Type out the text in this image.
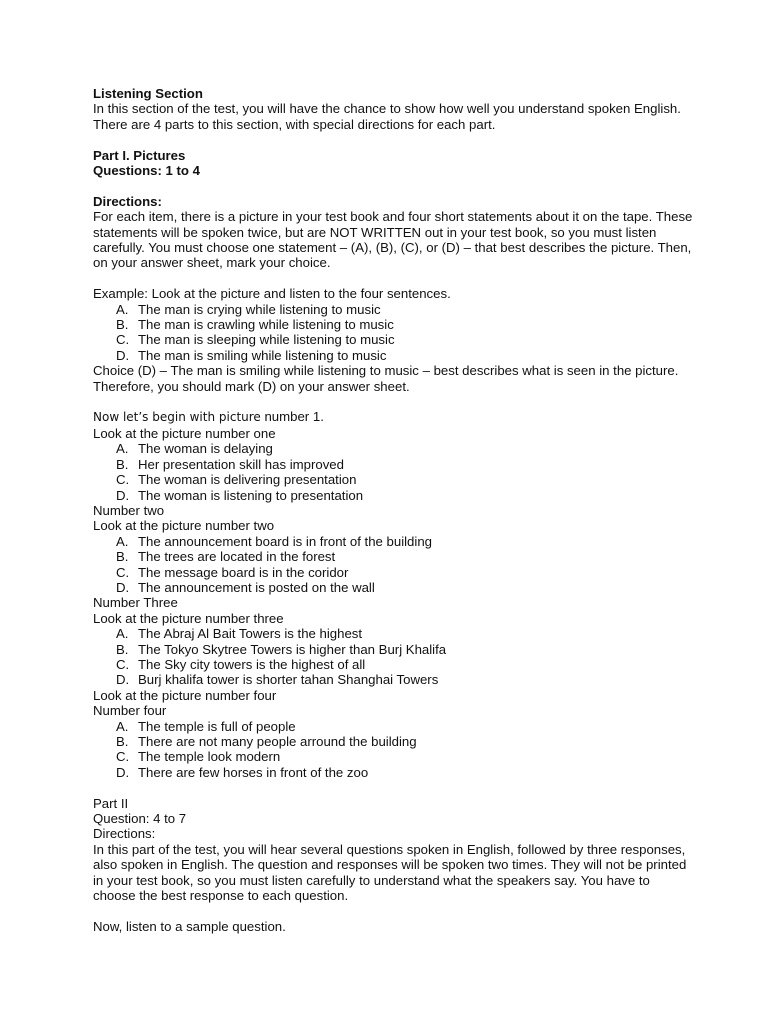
Listening Section

In this section of the test, you will have the chance to show how well you understand spoken English. There are 4 parts to this section, with special directions for each part.

Part I. Pictures

Questions: 1 to 4

Directions:

For each item, there is a picture in your test book and four short statements about it on the tape. These statements will be spoken twice, but are NOT WRITTEN out in your test book, so you must listen carefully. You must choose one statement – (A), (B), (C), or (D) – that best describes the picture. Then, on your answer sheet, mark your choice.

Example: Look at the picture and listen to the four sentences.

A. The man is crying while listening to music
B. The man is crawling while listening to music
C. The man is sleeping while listening to music
D. The man is smiling while listening to music

Choice (D) – The man is smiling while listening to music – best describes what is seen in the picture. Therefore, you should mark (D) on your answer sheet.

Now let’s begin with picture number 1.

Look at the picture number one

A. The woman is delaying
B. Her presentation skill has improved
C. The woman is delivering presentation
D. The woman is listening to presentation

Number two

Look at the picture number two

A. The announcement board is in front of the building
B. The trees are located in the forest
C. The message board is in the coridor
D. The announcement is posted on the wall

Number Three

Look at the picture number three

A. The Abraj Al Bait Towers is the highest
B. The Tokyo Skytree Towers is higher than Burj Khalifa
C. The Sky city towers is the highest of all
D. Burj khalifa tower is shorter tahan Shanghai Towers

Look at the picture number four

Number four

A. The temple is full of people
B. There are not many people arround the building
C. The temple look modern
D. There are few horses in front of the zoo

Part II

Question: 4 to 7

Directions:

In this part of the test, you will hear several questions spoken in English, followed by three responses, also spoken in English. The question and responses will be spoken two times. They will not be printed in your test book, so you must listen carefully to understand what the speakers say. You have to choose the best response to each question.

Now, listen to a sample question.
